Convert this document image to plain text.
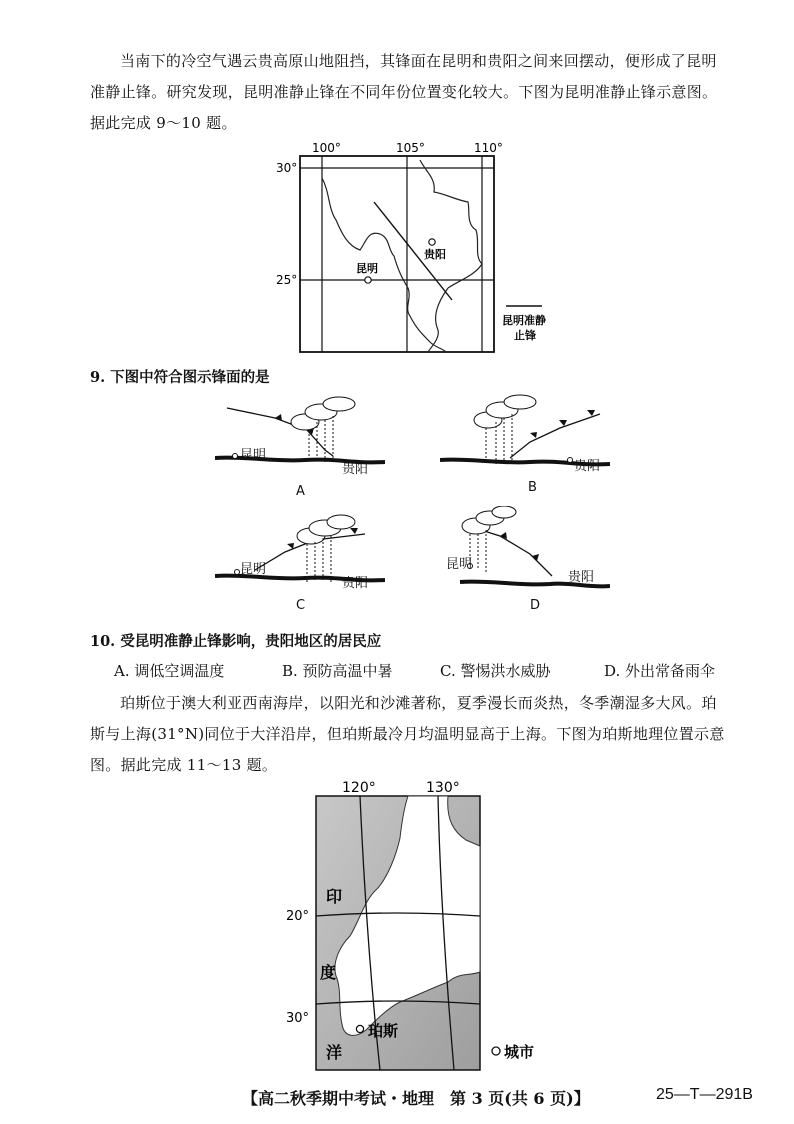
当南下的冷空气遇云贵高原山地阻挡，其锋面在昆明和贵阳之间来回摆动，便形成了昆明准静止锋。研究发现，昆明准静止锋在不同年份位置变化较大。下图为昆明准静止锋示意图。据此完成 9～10 题。
贵阳
昆明
100°	105°	110°
30°
25°
昆明准静
止锋
9. 下图中符合图示锋面的是
昆明
贵阳
A
贵阳
B
昆明
贵阳
C
昆明
贵阳
D
10. 受昆明准静止锋影响，贵阳地区的居民应
A. 调低空调温度	B. 预防高温中暑	C. 警惕洪水威胁	D. 外出常备雨伞
珀斯位于澳大利亚西南海岸，以阳光和沙滩著称，夏季漫长而炎热，冬季潮湿多大风。珀斯与上海(31°N)同位于大洋沿岸，但珀斯最冷月均温明显高于上海。下图为珀斯地理位置示意图。据此完成 11～13 题。
珀斯
120°	130°
20°
30°
印
度
洋	城市
【高二秋季期中考试・地理　第 3 页(共 6 页)】	25—T—291B
